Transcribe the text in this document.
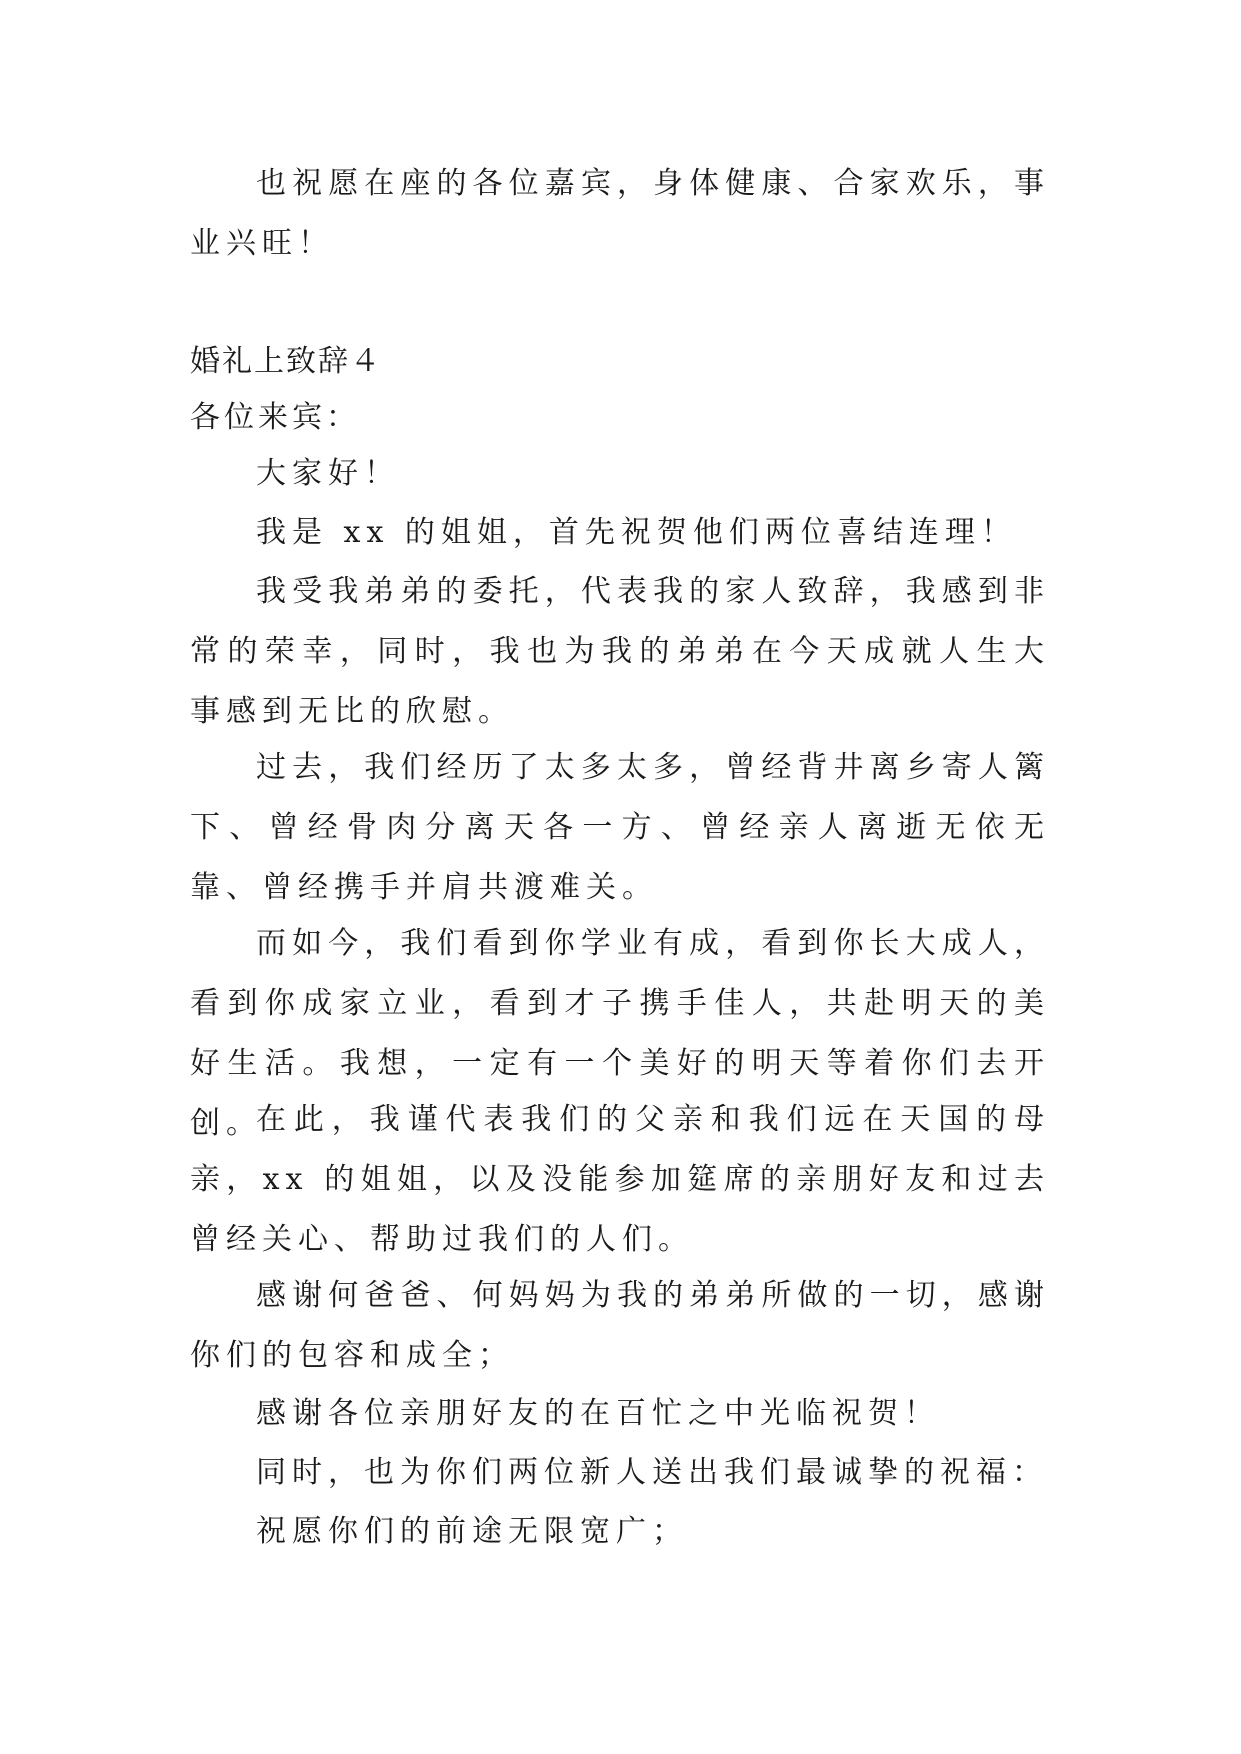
也祝愿在座的各位嘉宾，身体健康、合家欢乐，事业兴旺！
婚礼上致辞４
各位来宾：
大家好！
我是 xx 的姐姐，首先祝贺他们两位喜结连理！
我受我弟弟的委托，代表我的家人致辞，我感到非常的荣幸，同时，我也为我的弟弟在今天成就人生大事感到无比的欣慰。
过去，我们经历了太多太多，曾经背井离乡寄人篱下、曾经骨肉分离天各一方、曾经亲人离逝无依无靠、曾经携手并肩共渡难关。
而如今，我们看到你学业有成，看到你长大成人，看到你成家立业，看到才子携手佳人，共赴明天的美好生活。我想，一定有一个美好的明天等着你们去开创。
在此，我谨代表我们的父亲和我们远在天国的母亲，xx 的姐姐，以及没能参加筵席的亲朋好友和过去曾经关心、帮助过我们的人们。
感谢何爸爸、何妈妈为我的弟弟所做的一切，感谢你们的包容和成全；
感谢各位亲朋好友的在百忙之中光临祝贺！
同时，也为你们两位新人送出我们最诚挚的祝福：
祝愿你们的前途无限宽广；
